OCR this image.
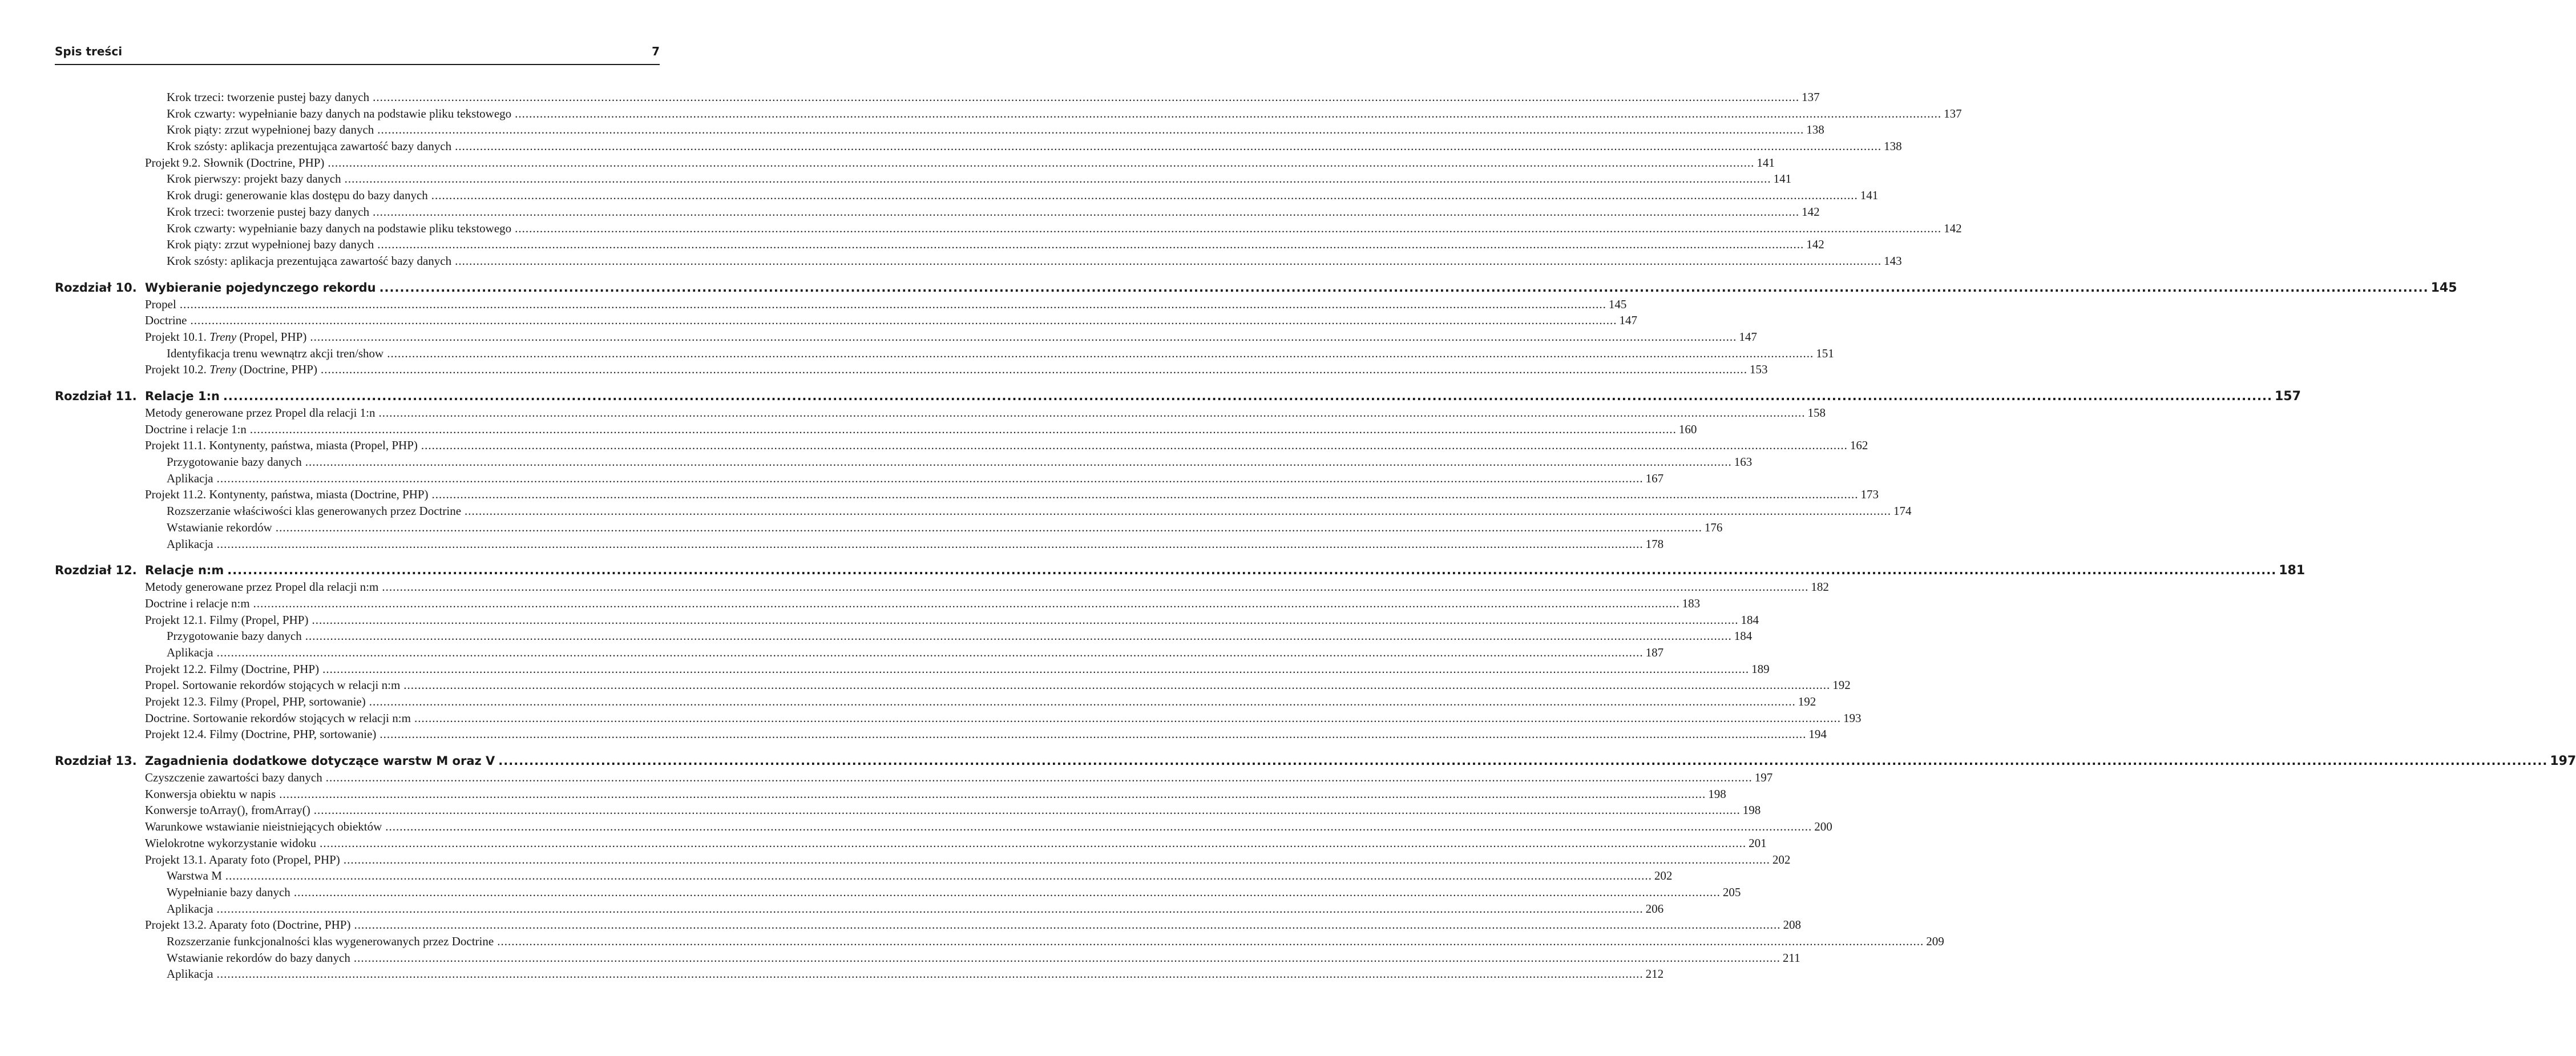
Spis treści	7
Krok trzeci: tworzenie pustej bazy danych ................................................................................................................................................................................................................................................................................................................................................................................................................ 137
Krok czwarty: wypełnianie bazy danych na podstawie pliku tekstowego ................................................................................................................................................................................................................................................................................................................................................................................................................ 137
Krok piąty: zrzut wypełnionej bazy danych ................................................................................................................................................................................................................................................................................................................................................................................................................ 138
Krok szósty: aplikacja prezentująca zawartość bazy danych ................................................................................................................................................................................................................................................................................................................................................................................................................ 138
Projekt 9.2. Słownik (Doctrine, PHP) ................................................................................................................................................................................................................................................................................................................................................................................................................ 141
Krok pierwszy: projekt bazy danych ................................................................................................................................................................................................................................................................................................................................................................................................................ 141
Krok drugi: generowanie klas dostępu do bazy danych ................................................................................................................................................................................................................................................................................................................................................................................................................ 141
Krok trzeci: tworzenie pustej bazy danych ................................................................................................................................................................................................................................................................................................................................................................................................................ 142
Krok czwarty: wypełnianie bazy danych na podstawie pliku tekstowego ................................................................................................................................................................................................................................................................................................................................................................................................................ 142
Krok piąty: zrzut wypełnionej bazy danych ................................................................................................................................................................................................................................................................................................................................................................................................................ 142
Krok szósty: aplikacja prezentująca zawartość bazy danych ................................................................................................................................................................................................................................................................................................................................................................................................................ 143
Rozdział 10. Wybieranie pojedynczego rekordu ................................................................................................................................................................................................................................................................................................................................................................................................................ 145
Propel ................................................................................................................................................................................................................................................................................................................................................................................................................ 145
Doctrine ................................................................................................................................................................................................................................................................................................................................................................................................................ 147
Projekt 10.1. Treny (Propel, PHP) ................................................................................................................................................................................................................................................................................................................................................................................................................ 147
Identyfikacja trenu wewnątrz akcji tren/show ................................................................................................................................................................................................................................................................................................................................................................................................................ 151
Projekt 10.2. Treny (Doctrine, PHP) ................................................................................................................................................................................................................................................................................................................................................................................................................ 153
Rozdział 11. Relacje 1:n ................................................................................................................................................................................................................................................................................................................................................................................................................ 157
Metody generowane przez Propel dla relacji 1:n ................................................................................................................................................................................................................................................................................................................................................................................................................ 158
Doctrine i relacje 1:n ................................................................................................................................................................................................................................................................................................................................................................................................................ 160
Projekt 11.1. Kontynenty, państwa, miasta (Propel, PHP) ................................................................................................................................................................................................................................................................................................................................................................................................................ 162
Przygotowanie bazy danych ................................................................................................................................................................................................................................................................................................................................................................................................................ 163
Aplikacja ................................................................................................................................................................................................................................................................................................................................................................................................................ 167
Projekt 11.2. Kontynenty, państwa, miasta (Doctrine, PHP) ................................................................................................................................................................................................................................................................................................................................................................................................................ 173
Rozszerzanie właściwości klas generowanych przez Doctrine ................................................................................................................................................................................................................................................................................................................................................................................................................ 174
Wstawianie rekordów ................................................................................................................................................................................................................................................................................................................................................................................................................ 176
Aplikacja ................................................................................................................................................................................................................................................................................................................................................................................................................ 178
Rozdział 12. Relacje n:m ................................................................................................................................................................................................................................................................................................................................................................................................................ 181
Metody generowane przez Propel dla relacji n:m ................................................................................................................................................................................................................................................................................................................................................................................................................ 182
Doctrine i relacje n:m ................................................................................................................................................................................................................................................................................................................................................................................................................ 183
Projekt 12.1. Filmy (Propel, PHP) ................................................................................................................................................................................................................................................................................................................................................................................................................ 184
Przygotowanie bazy danych ................................................................................................................................................................................................................................................................................................................................................................................................................ 184
Aplikacja ................................................................................................................................................................................................................................................................................................................................................................................................................ 187
Projekt 12.2. Filmy (Doctrine, PHP) ................................................................................................................................................................................................................................................................................................................................................................................................................ 189
Propel. Sortowanie rekordów stojących w relacji n:m ................................................................................................................................................................................................................................................................................................................................................................................................................ 192
Projekt 12.3. Filmy (Propel, PHP, sortowanie) ................................................................................................................................................................................................................................................................................................................................................................................................................ 192
Doctrine. Sortowanie rekordów stojących w relacji n:m ................................................................................................................................................................................................................................................................................................................................................................................................................ 193
Projekt 12.4. Filmy (Doctrine, PHP, sortowanie) ................................................................................................................................................................................................................................................................................................................................................................................................................ 194
Rozdział 13. Zagadnienia dodatkowe dotyczące warstw M oraz V ................................................................................................................................................................................................................................................................................................................................................................................................................ 197
Czyszczenie zawartości bazy danych ................................................................................................................................................................................................................................................................................................................................................................................................................ 197
Konwersja obiektu w napis ................................................................................................................................................................................................................................................................................................................................................................................................................ 198
Konwersje toArray(), fromArray() ................................................................................................................................................................................................................................................................................................................................................................................................................ 198
Warunkowe wstawianie nieistniejących obiektów ................................................................................................................................................................................................................................................................................................................................................................................................................ 200
Wielokrotne wykorzystanie widoku ................................................................................................................................................................................................................................................................................................................................................................................................................ 201
Projekt 13.1. Aparaty foto (Propel, PHP) ................................................................................................................................................................................................................................................................................................................................................................................................................ 202
Warstwa M ................................................................................................................................................................................................................................................................................................................................................................................................................ 202
Wypełnianie bazy danych ................................................................................................................................................................................................................................................................................................................................................................................................................ 205
Aplikacja ................................................................................................................................................................................................................................................................................................................................................................................................................ 206
Projekt 13.2. Aparaty foto (Doctrine, PHP) ................................................................................................................................................................................................................................................................................................................................................................................................................ 208
Rozszerzanie funkcjonalności klas wygenerowanych przez Doctrine ................................................................................................................................................................................................................................................................................................................................................................................................................ 209
Wstawianie rekordów do bazy danych ................................................................................................................................................................................................................................................................................................................................................................................................................ 211
Aplikacja ................................................................................................................................................................................................................................................................................................................................................................................................................ 212
